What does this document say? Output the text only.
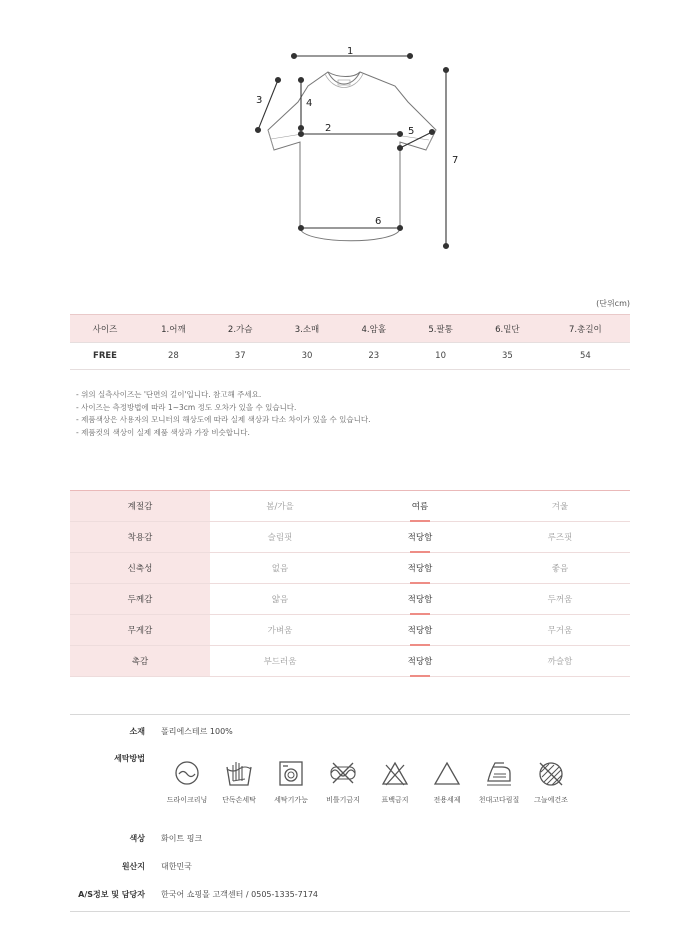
1
2
3	4
5
6
7
(단위cm)
사이즈	1.어깨	2.가슴	3.소매	4.암홀	5.팔통	6.밑단	7.총길이
FREE	28	37	30	23	10	35	54
- 위의 실측사이즈는 '단면의 길이'입니다. 참고해 주세요.
- 사이즈는 측정방법에 따라 1~3cm 정도 오차가 있을 수 있습니다.
- 제품색상은 사용자의 모니터의 해상도에 따라 실제 색상과 다소 차이가 있을 수 있습니다.
- 제품컷의 색상이 실제 제품 색상과 가장 비슷합니다.
계절감	봄/가을	여름	겨울
착용감	슬림핏	적당함	루즈핏
신축성	없음	적당함	좋음
두께감	얇음	적당함	두꺼움
무게감	가벼움	적당함	무거움
촉감	부드러움	적당함	까슬함
소재 폴리에스테르 100%
세탁방법
드라이크리닝	단독손세탁	세탁기가능	비틀기금지	표백금지	전용세제	천대고다림질	그늘에건조
색상 화이트 핑크
원산지 대한민국
A/S정보 및 담당자 한국어 쇼핑몰 고객센터 / 0505-1335-7174
